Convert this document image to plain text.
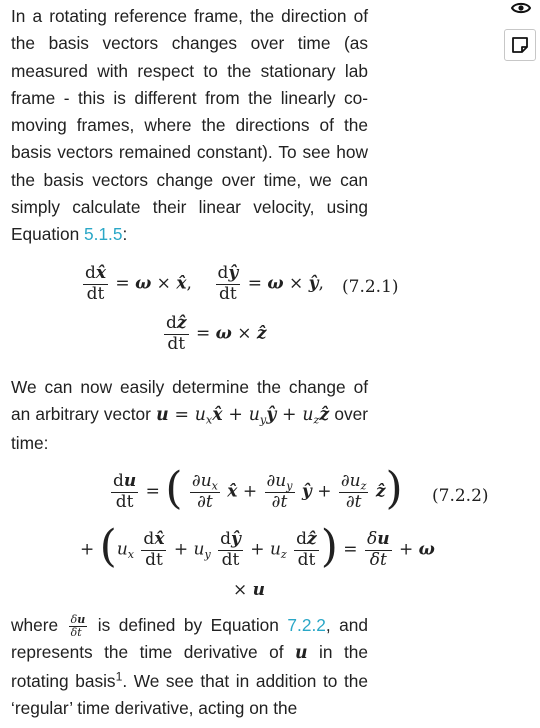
In a rotating reference frame, the direction of the basis vectors changes over time (as measured with respect to the stationary lab frame - this is different from the linearly co-moving frames, where the directions of the basis vectors remained constant). To see how the basis vectors change over time, we can simply calculate their linear velocity, using Equation 5.1.5:

$\frac{dx̂}{dt} = \omega$ × x̂, $\frac{dŷ}{dt} = \omega$ × ŷ, (7.2.1)
$\frac{\text{dẑ}}{dt} = \omega$ × ẑ

We can now easily determine the change of an arbitrary vector $u = u_xx̂$ + $u_yŷ$ + $u_zẑ$ over time:

$\frac{du}{dt}$ = ( $\frac{\partial u_x}{\partial t}$ x̂ + $\frac{\partial u_y}{\partial t}$ ŷ + $\frac{\partial u_z}{\partial t}$ ẑ) (7.2.2)
+ ($u_x \frac{dx̂}{dt} + u_y \frac{dŷ}{dt} + u_z \frac{\text{dẑ}}{dt}$ ) = $\frac{\delta u}{\delta t} + \omega$
× u

where $\frac{\delta u}{\delta t}$ is defined by Equation 7.2.2, and represents the time derivative of u in the rotating basis$^1$. We see that in addition to the ‘regular’ time derivative, acting on the
